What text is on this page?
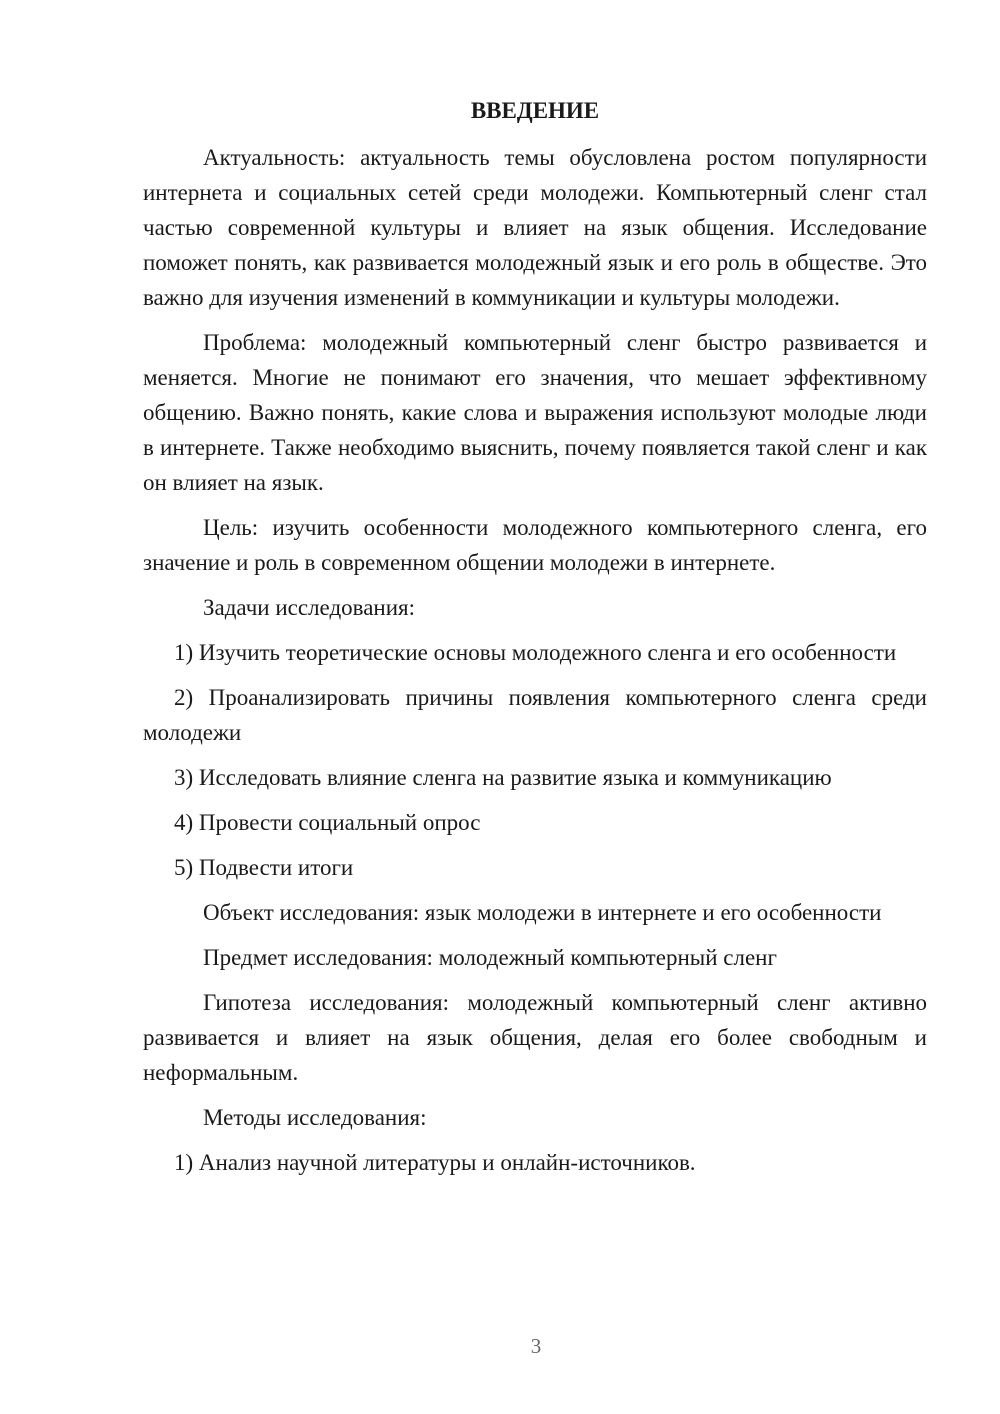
ВВЕДЕНИЕ

Актуальность: актуальность темы обусловлена ростом популярности интернета и социальных сетей среди молодежи. Компьютерный сленг стал частью современной культуры и влияет на язык общения. Исследование поможет понять, как развивается молодежный язык и его роль в обществе. Это важно для изучения изменений в коммуникации и культуры молодежи.

Проблема: молодежный компьютерный сленг быстро развивается и меняется. Многие не понимают его значения, что мешает эффективному общению. Важно понять, какие слова и выражения используют молодые люди в интернете. Также необходимо выяснить, почему появляется такой сленг и как он влияет на язык.

Цель: изучить особенности молодежного компьютерного сленга, его значение и роль в современном общении молодежи в интернете.

Задачи исследования:

1) Изучить теоретические основы молодежного сленга и его особенности

2) Проанализировать причины появления компьютерного сленга среди молодежи

3) Исследовать влияние сленга на развитие языка и коммуникацию

4) Провести социальный опрос

5) Подвести итоги

Объект исследования: язык молодежи в интернете и его особенности

Предмет исследования: молодежный компьютерный сленг

Гипотеза исследования: молодежный компьютерный сленг активно развивается и влияет на язык общения, делая его более свободным и неформальным.

Методы исследования:

1) Анализ научной литературы и онлайн-источников.

3
